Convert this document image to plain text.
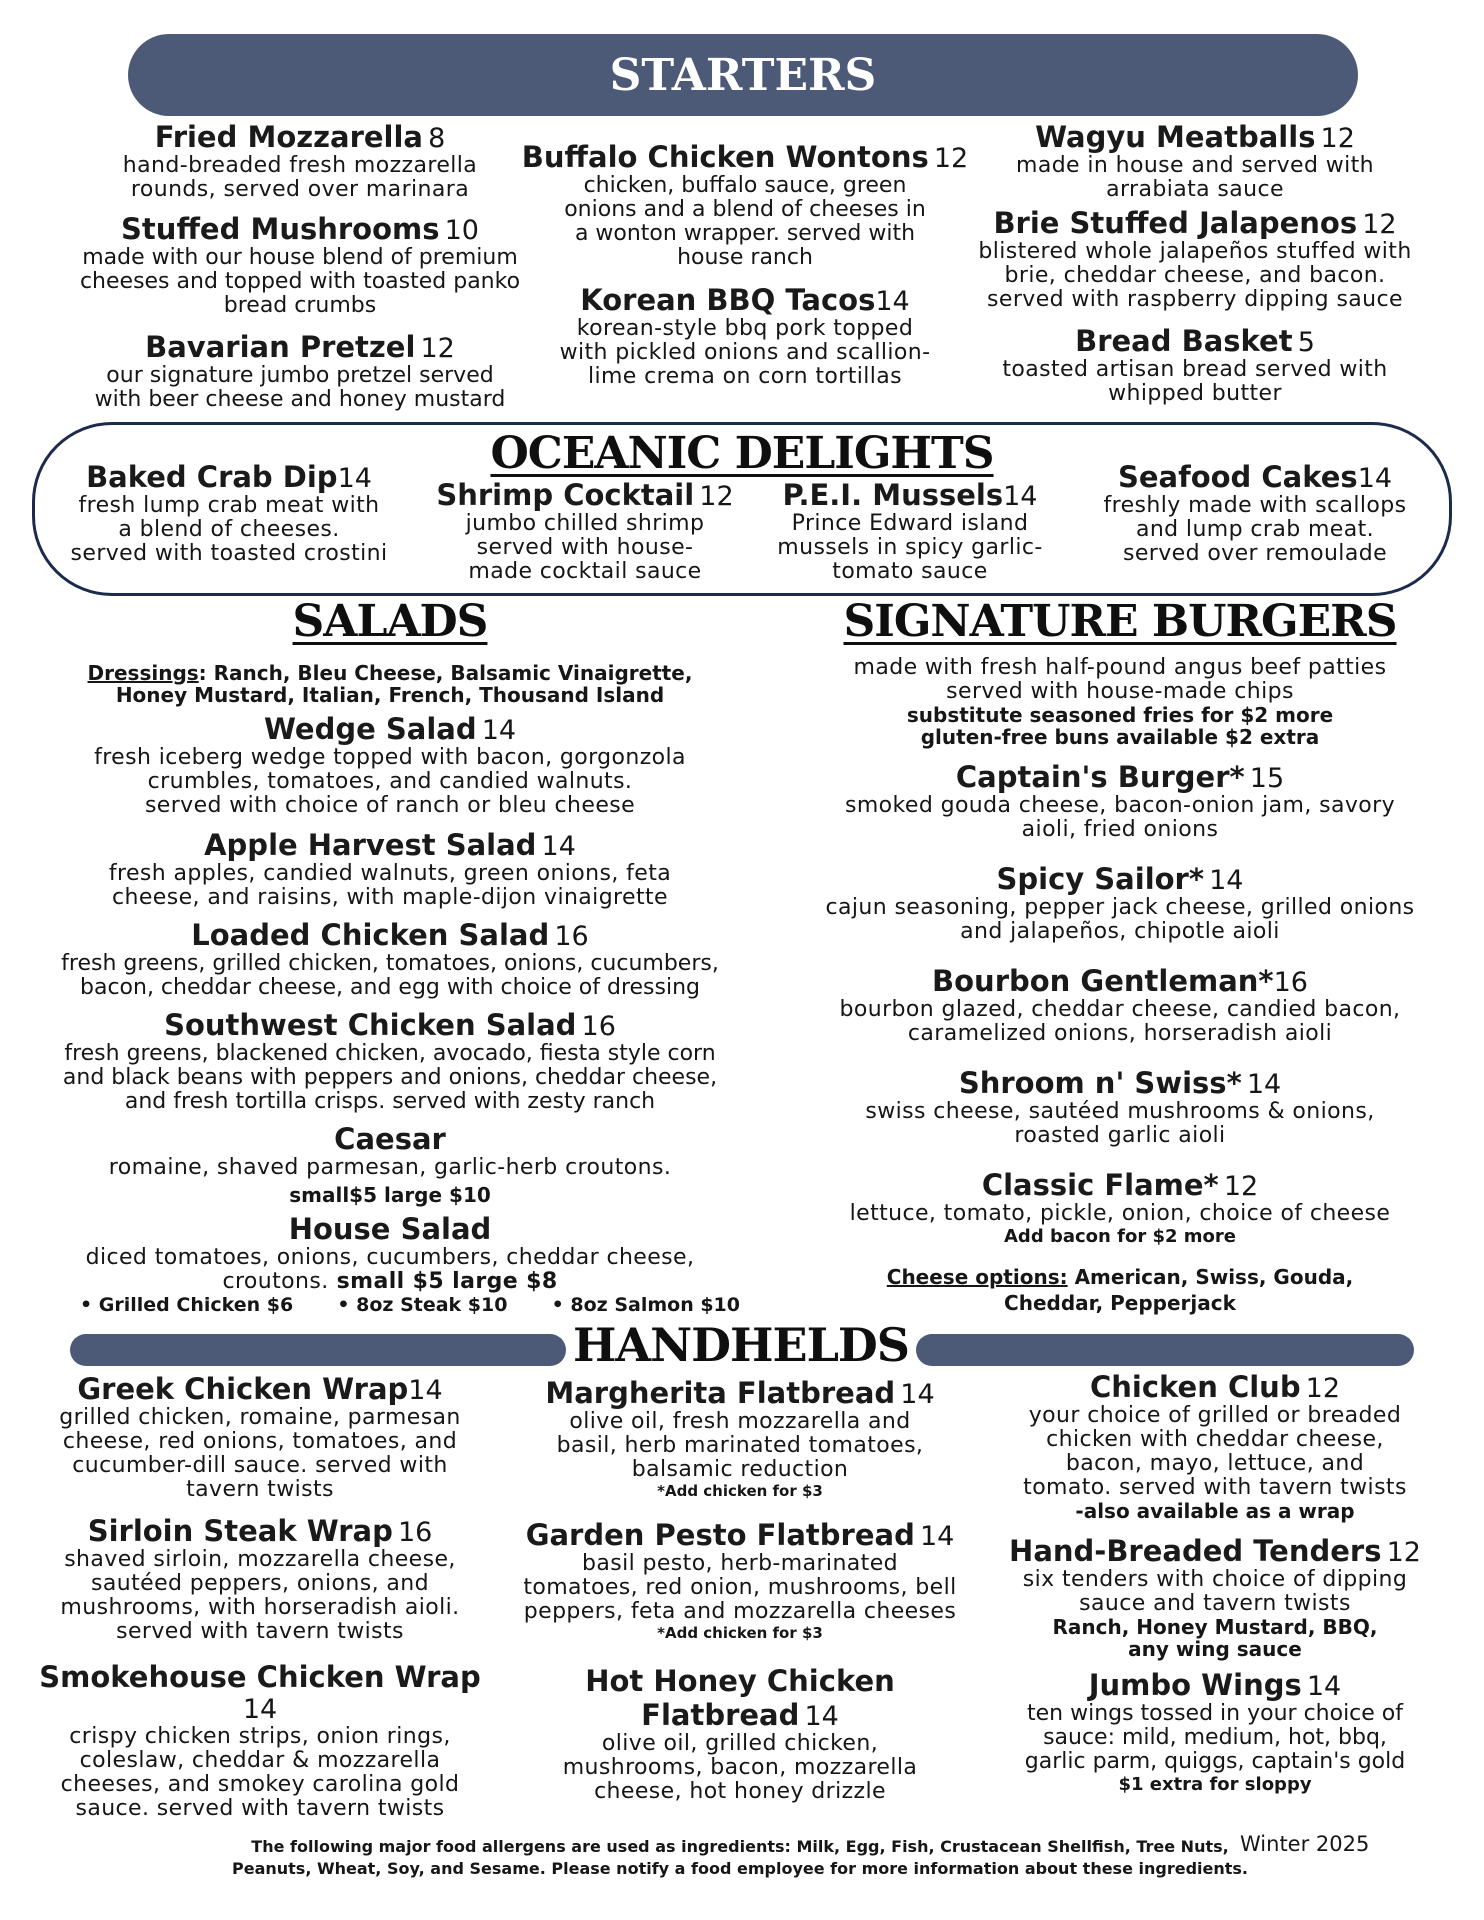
STARTERS
Fried Mozzarella 8
hand-breaded fresh mozzarella
rounds, served over marinara
Stuffed Mushrooms 10
made with our house blend of premium
cheeses and topped with toasted panko
bread crumbs
Bavarian Pretzel 12
our signature jumbo pretzel served
with beer cheese and honey mustard
Buffalo Chicken Wontons 12
chicken, buffalo sauce, green
onions and a blend of cheeses in
a wonton wrapper. served with
house ranch
Korean BBQ Tacos14
korean-style bbq pork topped
with pickled onions and scallion-
lime crema on corn tortillas
Wagyu Meatballs 12
made in house and served with
arrabiata sauce
Brie Stuffed Jalapenos 12
blistered whole jalapeños stuffed with
brie, cheddar cheese, and bacon.
served with raspberry dipping sauce
Bread Basket 5
toasted artisan bread served with
whipped butter
OCEANIC DELIGHTS
Baked Crab Dip14
fresh lump crab meat with
a blend of cheeses.
served with toasted crostini
Shrimp Cocktail 12
jumbo chilled shrimp
served with house-
made cocktail sauce
P.E.I. Mussels14
Prince Edward island
mussels in spicy garlic-
tomato sauce
Seafood Cakes14
freshly made with scallops
and lump crab meat.
served over remoulade
SALADS
Dressings: Ranch, Bleu Cheese, Balsamic Vinaigrette,
Honey Mustard, Italian, French, Thousand Island
Wedge Salad 14
fresh iceberg wedge topped with bacon, gorgonzola
crumbles, tomatoes, and candied walnuts.
served with choice of ranch or bleu cheese
Apple Harvest Salad 14
fresh apples, candied walnuts, green onions, feta
cheese, and raisins, with maple-dijon vinaigrette
Loaded Chicken Salad 16
fresh greens, grilled chicken, tomatoes, onions, cucumbers,
bacon, cheddar cheese, and egg with choice of dressing
Southwest Chicken Salad 16
fresh greens, blackened chicken, avocado, fiesta style corn
and black beans with peppers and onions, cheddar cheese,
and fresh tortilla crisps. served with zesty ranch
Caesar
romaine, shaved parmesan, garlic-herb croutons.
small$5 large $10
House Salad
diced tomatoes, onions, cucumbers, cheddar cheese,
croutons. small $5 large $8
• Grilled Chicken $6 • 8oz Steak $10 • 8oz Salmon $10
SIGNATURE BURGERS
made with fresh half-pound angus beef patties
served with house-made chips
substitute seasoned fries for $2 more
gluten-free buns available $2 extra
Captain's Burger* 15
smoked gouda cheese, bacon-onion jam, savory
aioli, fried onions
Spicy Sailor* 14
cajun seasoning, pepper jack cheese, grilled onions
and jalapeños, chipotle aioli
Bourbon Gentleman*16
bourbon glazed, cheddar cheese, candied bacon,
caramelized onions, horseradish aioli
Shroom n' Swiss* 14
swiss cheese, sautéed mushrooms & onions,
roasted garlic aioli
Classic Flame* 12
lettuce, tomato, pickle, onion, choice of cheese
Add bacon for $2 more
Cheese options: American, Swiss, Gouda,
Cheddar, Pepperjack
HANDHELDS
Greek Chicken Wrap14
grilled chicken, romaine, parmesan
cheese, red onions, tomatoes, and
cucumber-dill sauce. served with
tavern twists
Sirloin Steak Wrap 16
shaved sirloin, mozzarella cheese,
sautéed peppers, onions, and
mushrooms, with horseradish aioli.
served with tavern twists
Smokehouse Chicken Wrap 14
crispy chicken strips, onion rings,
coleslaw, cheddar & mozzarella
cheeses, and smokey carolina gold
sauce. served with tavern twists
Margherita Flatbread 14
olive oil, fresh mozzarella and
basil, herb marinated tomatoes,
balsamic reduction
*Add chicken for $3
Garden Pesto Flatbread 14
basil pesto, herb-marinated
tomatoes, red onion, mushrooms, bell
peppers, feta and mozzarella cheeses
*Add chicken for $3
Hot Honey Chicken
Flatbread 14
olive oil, grilled chicken,
mushrooms, bacon, mozzarella
cheese, hot honey drizzle
Chicken Club 12
your choice of grilled or breaded
chicken with cheddar cheese,
bacon, mayo, lettuce, and
tomato. served with tavern twists
-also available as a wrap
Hand-Breaded Tenders 12
six tenders with choice of dipping
sauce and tavern twists
Ranch, Honey Mustard, BBQ,
any wing sauce
Jumbo Wings 14
ten wings tossed in your choice of
sauce: mild, medium, hot, bbq,
garlic parm, quiggs, captain's gold
$1 extra for sloppy
The following major food allergens are used as ingredients: Milk, Egg, Fish, Crustacean Shellfish, Tree Nuts,
Peanuts, Wheat, Soy, and Sesame. Please notify a food employee for more information about these ingredients.
Winter 2025
